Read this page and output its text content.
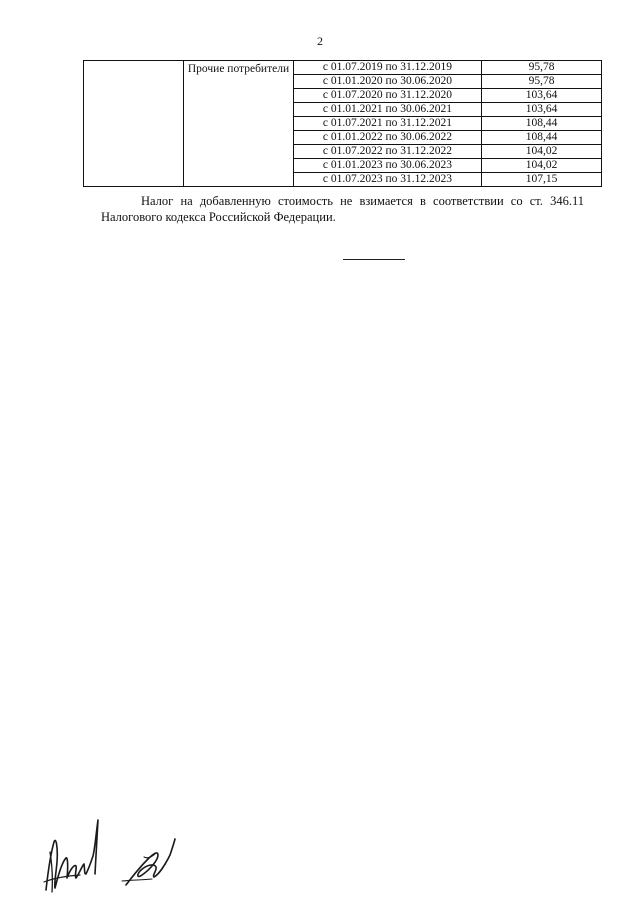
2
	Прочие потребители	с 01.07.2019 по 31.12.2019	95,78
		с 01.01.2020 по 30.06.2020	95,78
		с 01.07.2020 по 31.12.2020	103,64
		с 01.01.2021 по 30.06.2021	103,64
		с 01.07.2021 по 31.12.2021	108,44
		с 01.01.2022 по 30.06.2022	108,44
		с 01.07.2022 по 31.12.2022	104,02
		с 01.01.2023 по 30.06.2023	104,02
		с 01.07.2023 по 31.12.2023	107,15

Налог на добавленную стоимость не взимается в соответствии со ст. 346.11 Налогового кодекса Российской Федерации.
